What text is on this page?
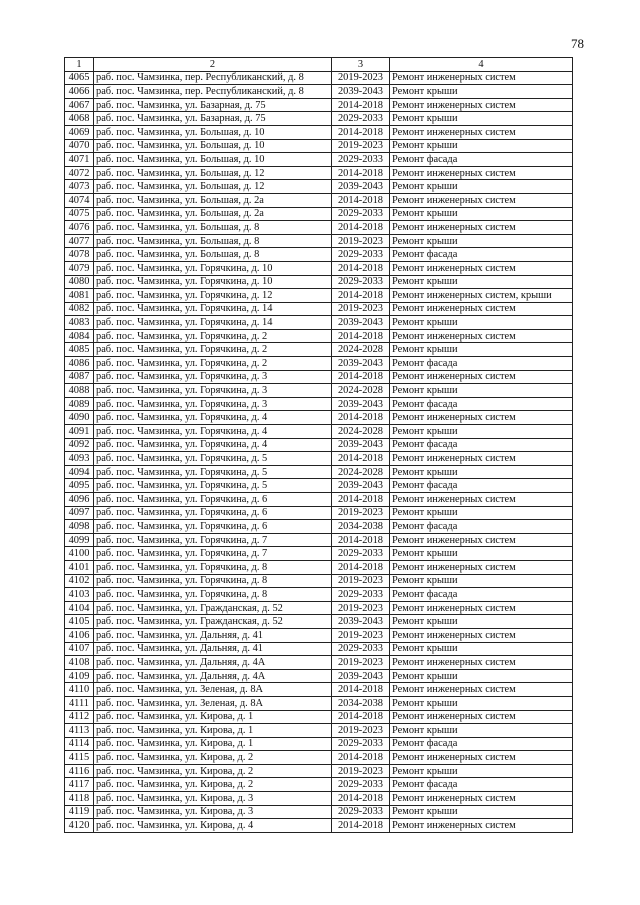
78
1	2	3	4
4065	раб. пос. Чамзинка, пер. Республиканский, д. 8	2019-2023	Ремонт инженерных систем
4066	раб. пос. Чамзинка, пер. Республиканский, д. 8	2039-2043	Ремонт крыши
4067	раб. пос. Чамзинка, ул. Базарная, д. 75	2014-2018	Ремонт инженерных систем
4068	раб. пос. Чамзинка, ул. Базарная, д. 75	2029-2033	Ремонт крыши
4069	раб. пос. Чамзинка, ул. Большая, д. 10	2014-2018	Ремонт инженерных систем
4070	раб. пос. Чамзинка, ул. Большая, д. 10	2019-2023	Ремонт крыши
4071	раб. пос. Чамзинка, ул. Большая, д. 10	2029-2033	Ремонт фасада
4072	раб. пос. Чамзинка, ул. Большая, д. 12	2014-2018	Ремонт инженерных систем
4073	раб. пос. Чамзинка, ул. Большая, д. 12	2039-2043	Ремонт крыши
4074	раб. пос. Чамзинка, ул. Большая, д. 2а	2014-2018	Ремонт инженерных систем
4075	раб. пос. Чамзинка, ул. Большая, д. 2а	2029-2033	Ремонт крыши
4076	раб. пос. Чамзинка, ул. Большая, д. 8	2014-2018	Ремонт инженерных систем
4077	раб. пос. Чамзинка, ул. Большая, д. 8	2019-2023	Ремонт крыши
4078	раб. пос. Чамзинка, ул. Большая, д. 8	2029-2033	Ремонт фасада
4079	раб. пос. Чамзинка, ул. Горячкина, д. 10	2014-2018	Ремонт инженерных систем
4080	раб. пос. Чамзинка, ул. Горячкина, д. 10	2029-2033	Ремонт крыши
4081	раб. пос. Чамзинка, ул. Горячкина, д. 12	2014-2018	Ремонт инженерных систем, крыши
4082	раб. пос. Чамзинка, ул. Горячкина, д. 14	2019-2023	Ремонт инженерных систем
4083	раб. пос. Чамзинка, ул. Горячкина, д. 14	2039-2043	Ремонт крыши
4084	раб. пос. Чамзинка, ул. Горячкина, д. 2	2014-2018	Ремонт инженерных систем
4085	раб. пос. Чамзинка, ул. Горячкина, д. 2	2024-2028	Ремонт крыши
4086	раб. пос. Чамзинка, ул. Горячкина, д. 2	2039-2043	Ремонт фасада
4087	раб. пос. Чамзинка, ул. Горячкина, д. 3	2014-2018	Ремонт инженерных систем
4088	раб. пос. Чамзинка, ул. Горячкина, д. 3	2024-2028	Ремонт крыши
4089	раб. пос. Чамзинка, ул. Горячкина, д. 3	2039-2043	Ремонт фасада
4090	раб. пос. Чамзинка, ул. Горячкина, д. 4	2014-2018	Ремонт инженерных систем
4091	раб. пос. Чамзинка, ул. Горячкина, д. 4	2024-2028	Ремонт крыши
4092	раб. пос. Чамзинка, ул. Горячкина, д. 4	2039-2043	Ремонт фасада
4093	раб. пос. Чамзинка, ул. Горячкина, д. 5	2014-2018	Ремонт инженерных систем
4094	раб. пос. Чамзинка, ул. Горячкина, д. 5	2024-2028	Ремонт крыши
4095	раб. пос. Чамзинка, ул. Горячкина, д. 5	2039-2043	Ремонт фасада
4096	раб. пос. Чамзинка, ул. Горячкина, д. 6	2014-2018	Ремонт инженерных систем
4097	раб. пос. Чамзинка, ул. Горячкина, д. 6	2019-2023	Ремонт крыши
4098	раб. пос. Чамзинка, ул. Горячкина, д. 6	2034-2038	Ремонт фасада
4099	раб. пос. Чамзинка, ул. Горячкина, д. 7	2014-2018	Ремонт инженерных систем
4100	раб. пос. Чамзинка, ул. Горячкина, д. 7	2029-2033	Ремонт крыши
4101	раб. пос. Чамзинка, ул. Горячкина, д. 8	2014-2018	Ремонт инженерных систем
4102	раб. пос. Чамзинка, ул. Горячкина, д. 8	2019-2023	Ремонт крыши
4103	раб. пос. Чамзинка, ул. Горячкина, д. 8	2029-2033	Ремонт фасада
4104	раб. пос. Чамзинка, ул. Гражданская, д. 52	2019-2023	Ремонт инженерных систем
4105	раб. пос. Чамзинка, ул. Гражданская, д. 52	2039-2043	Ремонт крыши
4106	раб. пос. Чамзинка, ул. Дальняя, д. 41	2019-2023	Ремонт инженерных систем
4107	раб. пос. Чамзинка, ул. Дальняя, д. 41	2029-2033	Ремонт крыши
4108	раб. пос. Чамзинка, ул. Дальняя, д. 4А	2019-2023	Ремонт инженерных систем
4109	раб. пос. Чамзинка, ул. Дальняя, д. 4А	2039-2043	Ремонт крыши
4110	раб. пос. Чамзинка, ул. Зеленая, д. 8А	2014-2018	Ремонт инженерных систем
4111	раб. пос. Чамзинка, ул. Зеленая, д. 8А	2034-2038	Ремонт крыши
4112	раб. пос. Чамзинка, ул. Кирова, д. 1	2014-2018	Ремонт инженерных систем
4113	раб. пос. Чамзинка, ул. Кирова, д. 1	2019-2023	Ремонт крыши
4114	раб. пос. Чамзинка, ул. Кирова, д. 1	2029-2033	Ремонт фасада
4115	раб. пос. Чамзинка, ул. Кирова, д. 2	2014-2018	Ремонт инженерных систем
4116	раб. пос. Чамзинка, ул. Кирова, д. 2	2019-2023	Ремонт крыши
4117	раб. пос. Чамзинка, ул. Кирова, д. 2	2029-2033	Ремонт фасада
4118	раб. пос. Чамзинка, ул. Кирова, д. 3	2014-2018	Ремонт инженерных систем
4119	раб. пос. Чамзинка, ул. Кирова, д. 3	2029-2033	Ремонт крыши
4120	раб. пос. Чамзинка, ул. Кирова, д. 4	2014-2018	Ремонт инженерных систем
